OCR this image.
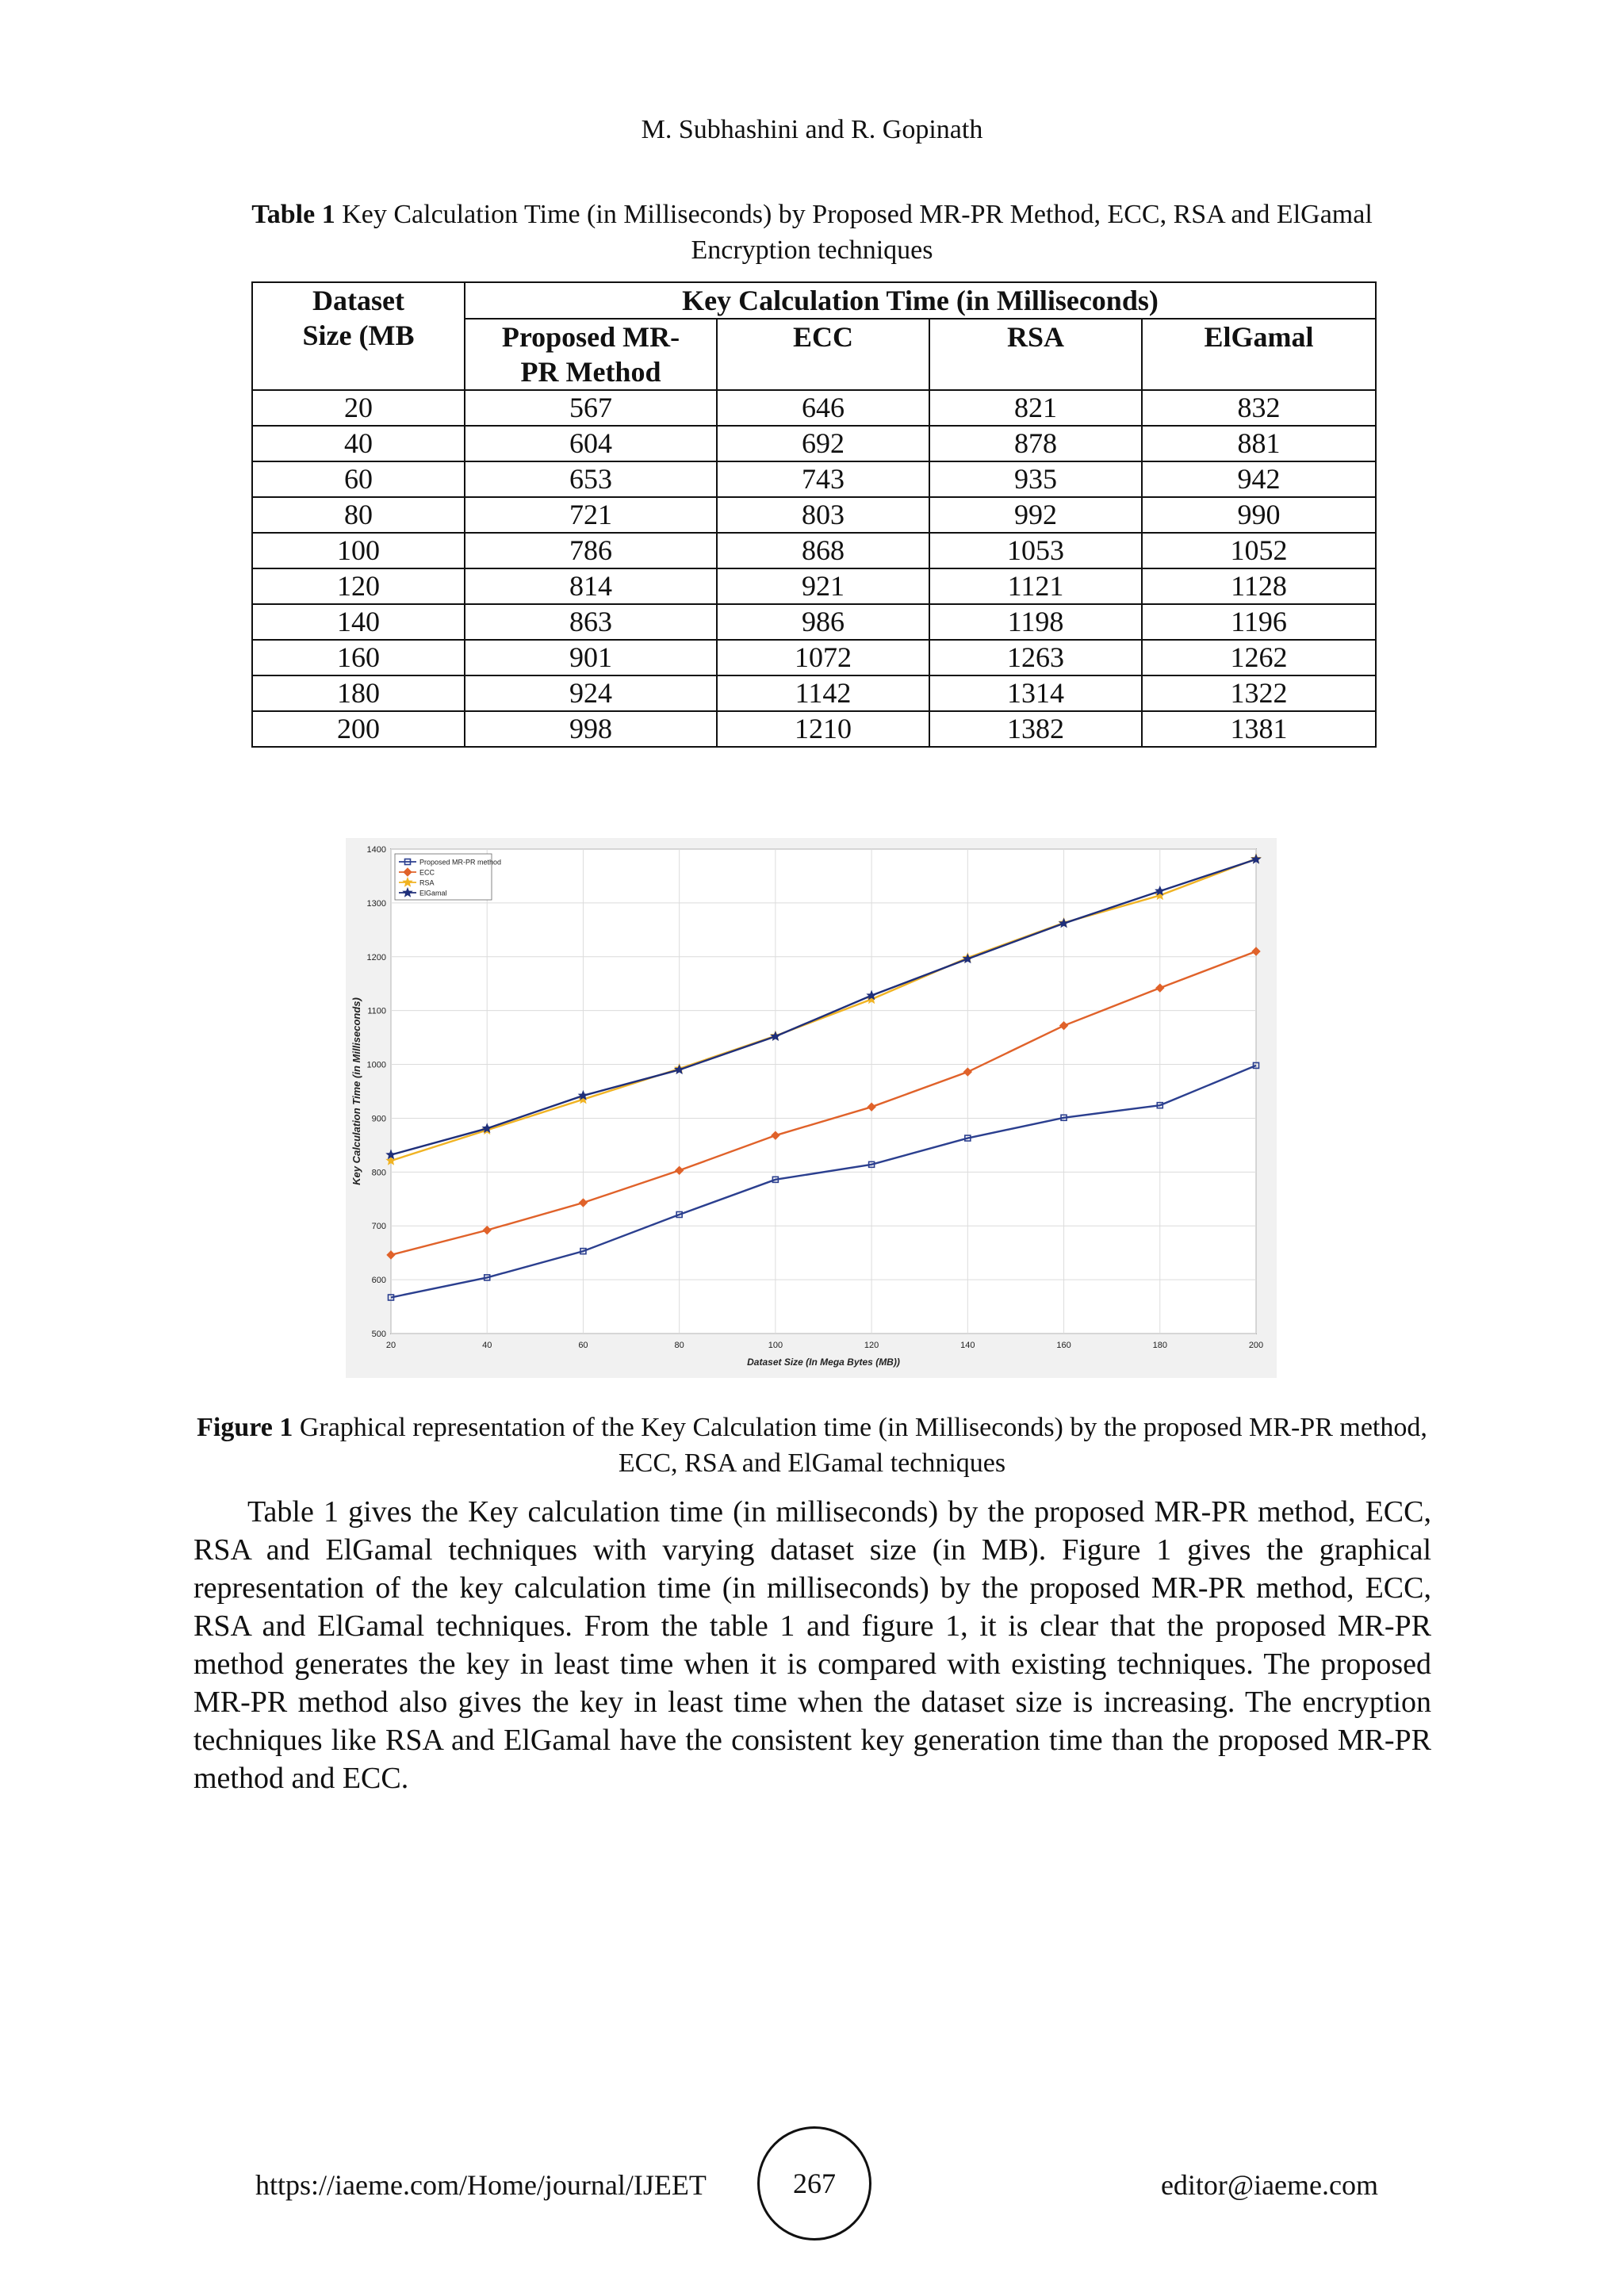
M. Subhashini and R. Gopinath
Table 1 Key Calculation Time (in Milliseconds) by Proposed MR-PR Method, ECC, RSA and ElGamal Encryption techniques
Dataset Size (MB	Key Calculation Time (in Milliseconds)			
	Proposed MR-PR Method	ECC	RSA	ElGamal
20	567	646	821	832
40	604	692	878	881
60	653	743	935	942
80	721	803	992	990
100	786	868	1053	1052
120	814	921	1121	1128
140	863	986	1198	1196
160	901	1072	1263	1262
180	924	1142	1314	1322
200	998	1210	1382	1381
20	40	60	80	100	120	140	160	180	200
500
600
700
800
900
1000
1100
1200
1300
1400
Dataset Size (In Mega Bytes (MB))
Key Calculation Time (in Milliseconds)
Proposed MR-PR method
ECC
RSA
ElGamal
Figure 1 Graphical representation of the Key Calculation time (in Milliseconds) by the proposed MR-PR method, ECC, RSA and ElGamal techniques

Table 1 gives the Key calculation time (in milliseconds) by the proposed MR-PR method, ECC, RSA and ElGamal techniques with varying dataset size (in MB). Figure 1 gives the graphical representation of the key calculation time (in milliseconds) by the proposed MR-PR method, ECC, RSA and ElGamal techniques. From the table 1 and figure 1, it is clear that the proposed MR-PR method generates the key in least time when it is compared with existing techniques. The proposed MR-PR method also gives the key in least time when the dataset size is increasing. The encryption techniques like RSA and ElGamal have the consistent key generation time than the proposed MR-PR method and ECC.

https://iaeme.com/Home/journal/IJEET	267	editor@iaeme.com
